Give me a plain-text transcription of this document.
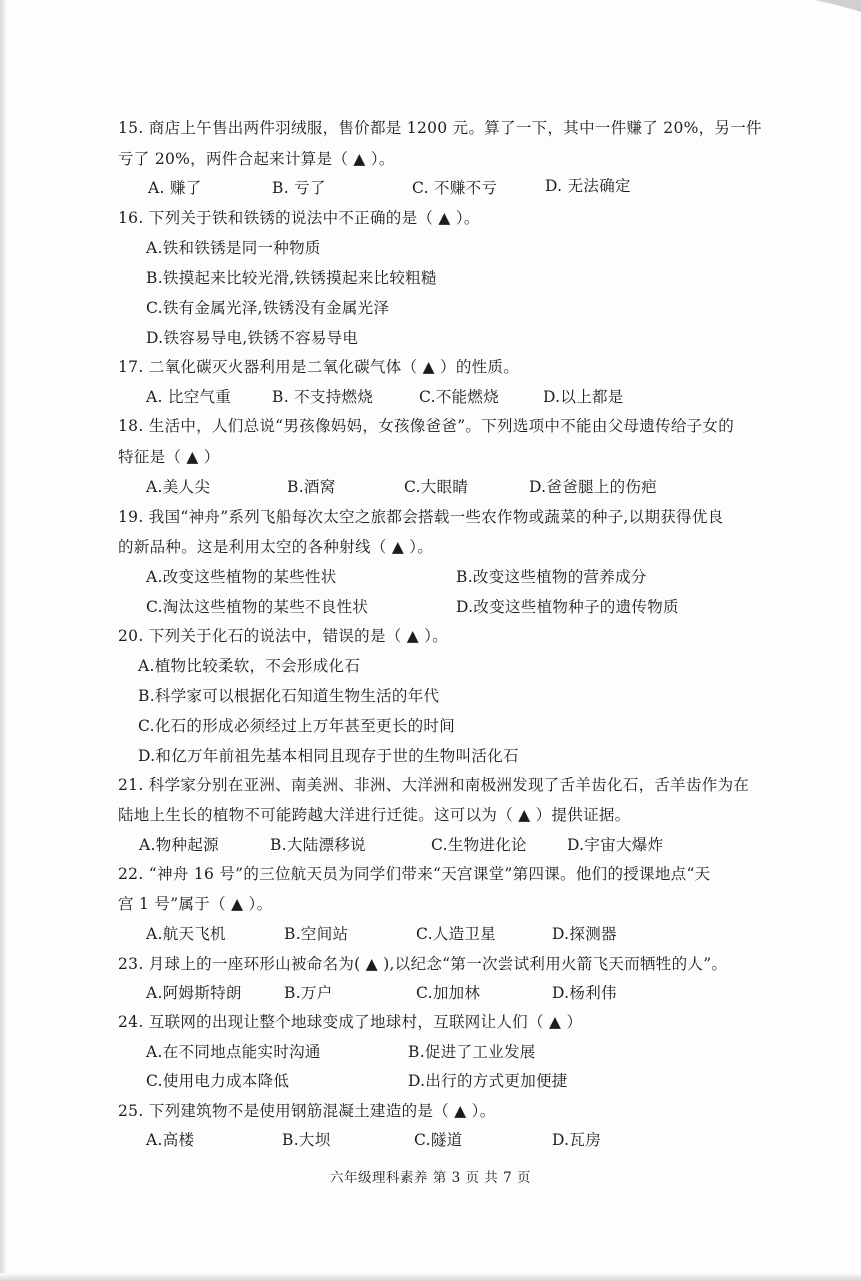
15. 商店上午售出两件羽绒服，售价都是 1200 元。算了一下，其中一件赚了 20%，另一件
亏了 20%，两件合起来计算是（ ▲ ）。
A. 赚了	B. 亏了	C. 不赚不亏	D. 无法确定
16. 下列关于铁和铁锈的说法中不正确的是（ ▲ ）。
A.铁和铁锈是同一种物质
B.铁摸起来比较光滑,铁锈摸起来比较粗糙
C.铁有金属光泽,铁锈没有金属光泽
D.铁容易导电,铁锈不容易导电
17. 二氧化碳灭火器利用是二氧化碳气体（ ▲ ）的性质。
A. 比空气重	B. 不支持燃烧	C.不能燃烧	D.以上都是
18. 生活中，人们总说“男孩像妈妈，女孩像爸爸”。下列选项中不能由父母遗传给子女的
特征是（ ▲ ）
A.美人尖	B.酒窝	C.大眼睛	D.爸爸腿上的伤疤
19. 我国“神舟”系列飞船每次太空之旅都会搭载一些农作物或蔬菜的种子,以期获得优良
的新品种。这是利用太空的各种射线（ ▲ ）。
A.改变这些植物的某些性状	B.改变这些植物的营养成分
C.淘汰这些植物的某些不良性状	D.改变这些植物种子的遗传物质
20. 下列关于化石的说法中，错误的是（ ▲ ）。
A.植物比较柔软，不会形成化石
B.科学家可以根据化石知道生物生活的年代
C.化石的形成必须经过上万年甚至更长的时间
D.和亿万年前祖先基本相同且现存于世的生物叫活化石
21. 科学家分别在亚洲、南美洲、非洲、大洋洲和南极洲发现了舌羊齿化石，舌羊齿作为在
陆地上生长的植物不可能跨越大洋进行迁徙。这可以为（ ▲ ）提供证据。
A.物种起源	B.大陆漂移说	C.生物进化论	D.宇宙大爆炸
22. “神舟 16 号”的三位航天员为同学们带来“天宫课堂”第四课。他们的授课地点“天
宫 1 号”属于（ ▲ ）。
A.航天飞机	B.空间站	C.人造卫星	D.探测器
23. 月球上的一座环形山被命名为( ▲ ),以纪念“第一次尝试利用火箭飞天而牺牲的人”。
A.阿姆斯特朗	B.万户	C.加加林	D.杨利伟
24. 互联网的出现让整个地球变成了地球村，互联网让人们（ ▲ ）
A.在不同地点能实时沟通	B.促进了工业发展
C.使用电力成本降低	D.出行的方式更加便捷
25. 下列建筑物不是使用钢筋混凝土建造的是（ ▲ ）。
A.高楼	B.大坝	C.隧道	D.瓦房
六年级理科素养 第 3 页 共 7 页
